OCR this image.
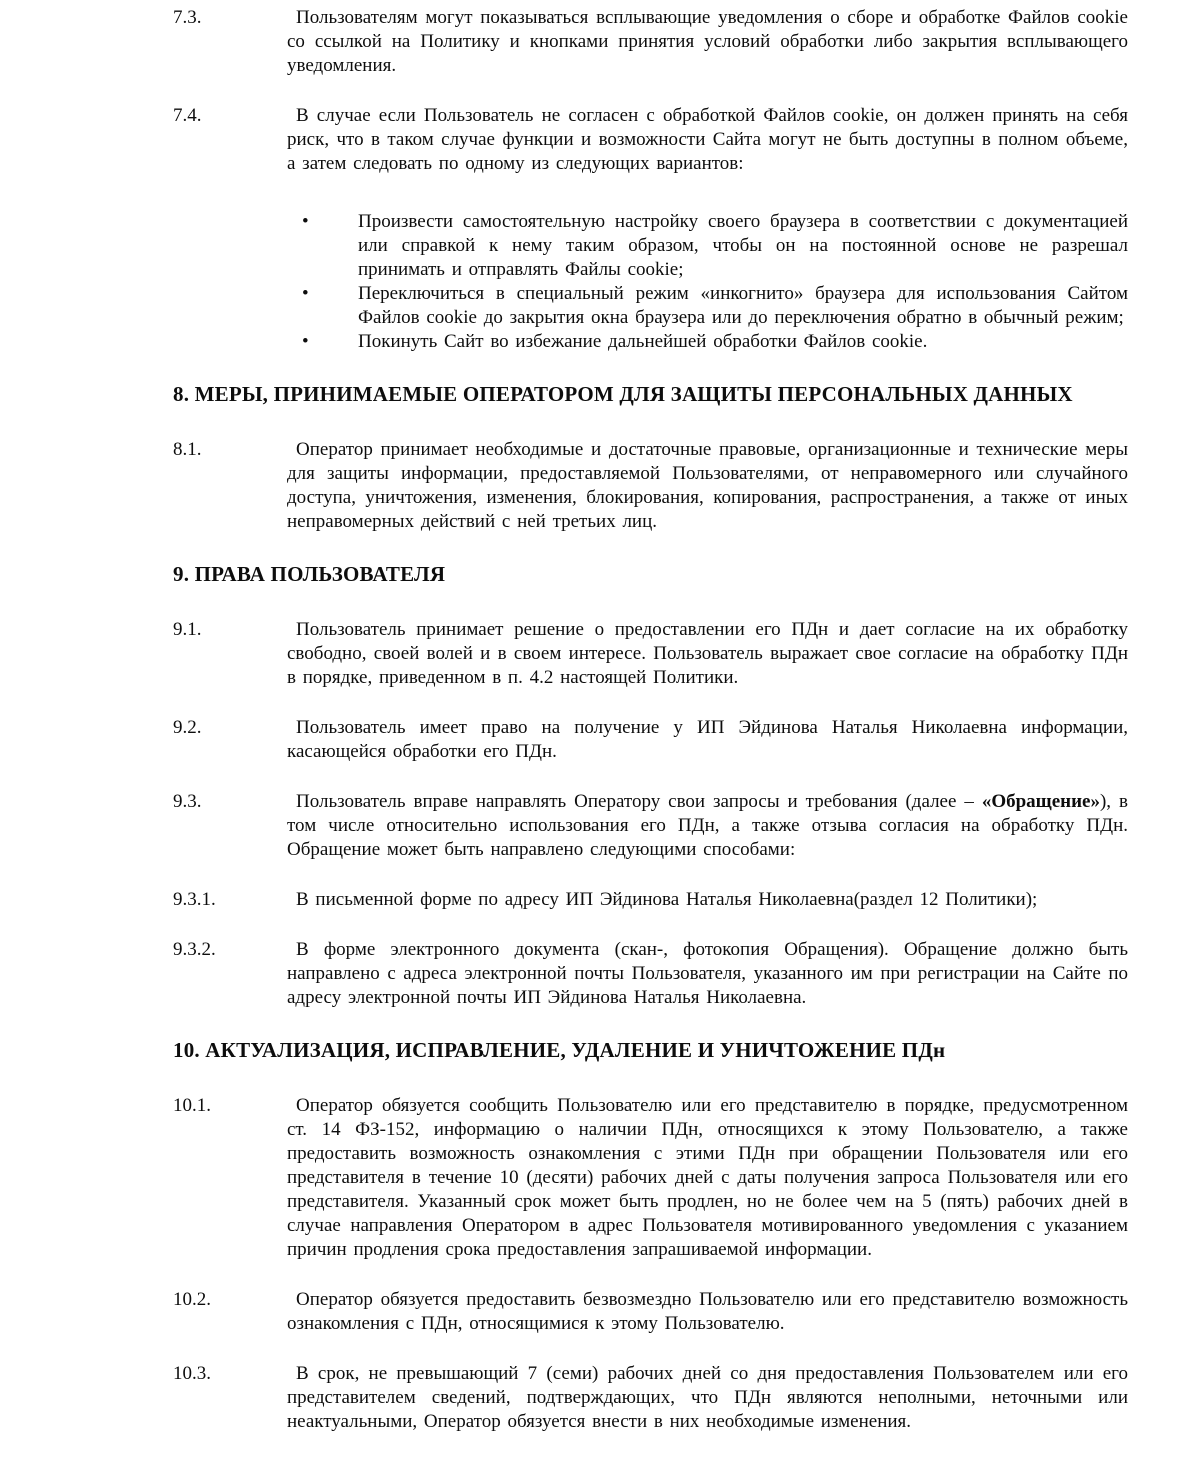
7.3.	Пользователям могут показываться всплывающие уведомления о сборе и обработке Файлов cookie со ссылкой на Политику и кнопками принятия условий обработки либо закрытия всплывающего уведомления.
7.4.	В случае если Пользователь не согласен с обработкой Файлов cookie, он должен принять на себя риск, что в таком случае функции и возможности Сайта могут не быть доступны в полном объеме, а затем следовать по одному из следующих вариантов:
•	Произвести самостоятельную настройку своего браузера в соответствии с документацией или справкой к нему таким образом, чтобы он на постоянной основе не разрешал принимать и отправлять Файлы cookie;
•	Переключиться в специальный режим «инкогнито» браузера для использования Сайтом Файлов cookie до закрытия окна браузера или до переключения обратно в обычный режим;
•	Покинуть Сайт во избежание дальнейшей обработки Файлов cookie.
8. МЕРЫ, ПРИНИМАЕМЫЕ ОПЕРАТОРОМ ДЛЯ ЗАЩИТЫ ПЕРСОНАЛЬНЫХ ДАННЫХ
8.1.	Оператор принимает необходимые и достаточные правовые, организационные и технические меры для защиты информации, предоставляемой Пользователями, от неправомерного или случайного доступа, уничтожения, изменения, блокирования, копирования, распространения, а также от иных неправомерных действий с ней третьих лиц.
9. ПРАВА ПОЛЬЗОВАТЕЛЯ
9.1.	Пользователь принимает решение о предоставлении его ПДн и дает согласие на их обработку свободно, своей волей и в своем интересе. Пользователь выражает свое согласие на обработку ПДн в порядке, приведенном в п. 4.2 настоящей Политики.
9.2.	Пользователь имеет право на получение у ИП Эйдинова Наталья Николаевна информации, касающейся обработки его ПДн.
9.3.	Пользователь вправе направлять Оператору свои запросы и требования (далее – «Обращение»), в том числе относительно использования его ПДн, а также отзыва согласия на обработку ПДн. Обращение может быть направлено следующими способами:
9.3.1.	В письменной форме по адресу ИП Эйдинова Наталья Николаевна(раздел 12 Политики);
9.3.2.	В форме электронного документа (скан-, фотокопия Обращения). Обращение должно быть направлено с адреса электронной почты Пользователя, указанного им при регистрации на Сайте по адресу электронной почты ИП Эйдинова Наталья Николаевна.
10. АКТУАЛИЗАЦИЯ, ИСПРАВЛЕНИЕ, УДАЛЕНИЕ И УНИЧТОЖЕНИЕ ПДн
10.1.	Оператор обязуется сообщить Пользователю или его представителю в порядке, предусмотренном ст. 14 ФЗ-152, информацию о наличии ПДн, относящихся к этому Пользователю, а также предоставить возможность ознакомления с этими ПДн при обращении Пользователя или его представителя в течение 10 (десяти) рабочих дней с даты получения запроса Пользователя или его представителя. Указанный срок может быть продлен, но не более чем на 5 (пять) рабочих дней в случае направления Оператором в адрес Пользователя мотивированного уведомления с указанием причин продления срока предоставления запрашиваемой информации.
10.2.	Оператор обязуется предоставить безвозмездно Пользователю или его представителю возможность ознакомления с ПДн, относящимися к этому Пользователю.
10.3.	В срок, не превышающий 7 (семи) рабочих дней со дня предоставления Пользователем или его представителем сведений, подтверждающих, что ПДн являются неполными, неточными или неактуальными, Оператор обязуется внести в них необходимые изменения.
